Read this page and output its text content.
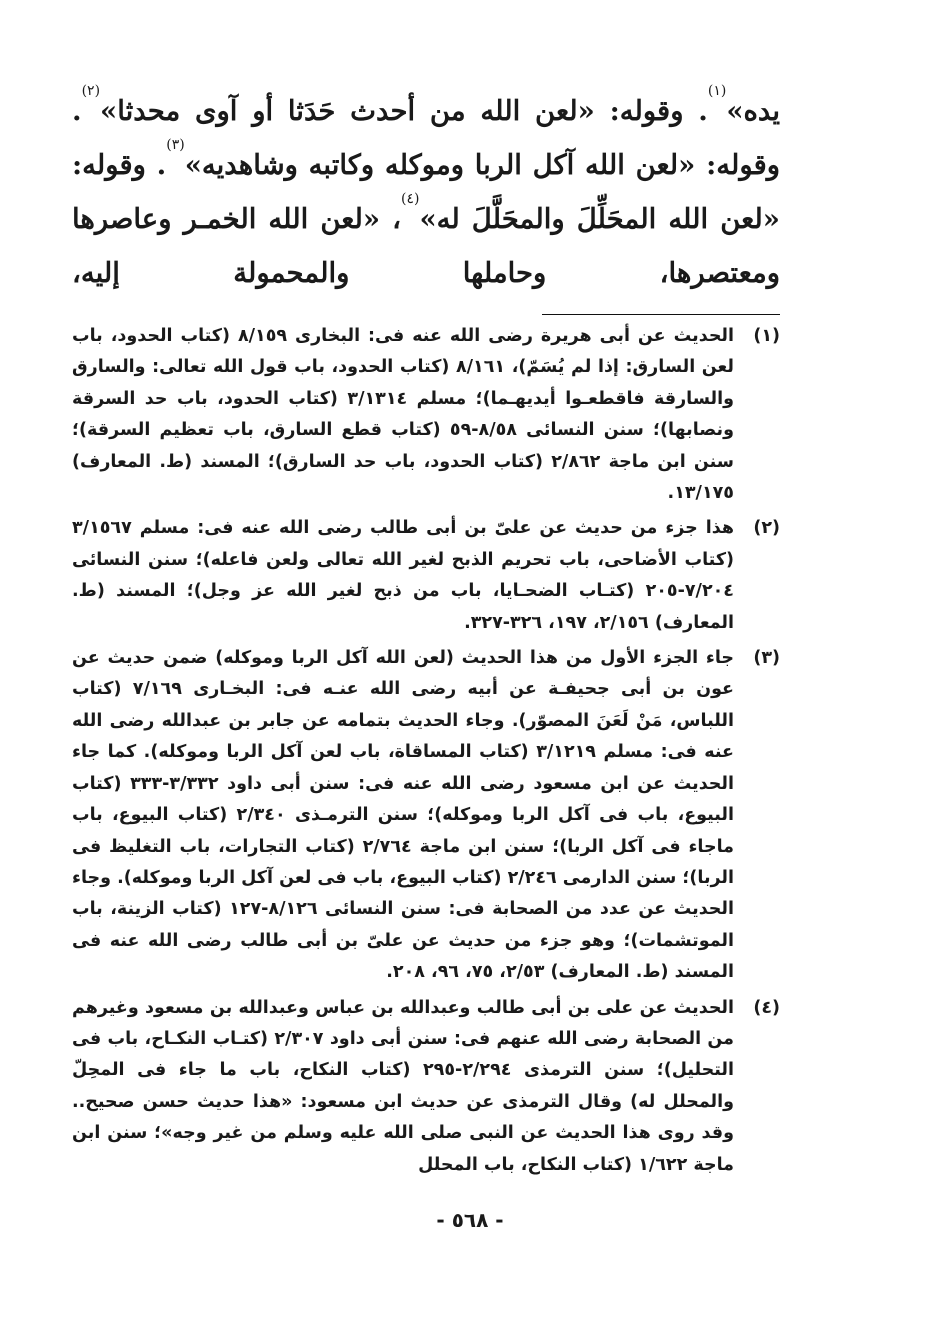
يده»$^{(١)}$. وقوله: «لعن الله من أحدث حَدَثا أو آوى محدثا»$^{(٢)}$. وقوله: «لعن الله آكل الربا وموكله وكاتبه وشاهديه»$^{(٣)}$. وقوله: «لعن الله المحَلِّلَ والمحَلَّلَ له»$^{(٤)}$، «لعن الله الخمـر وعاصرها ومعتصرها، وحاملها والمحمولة إليه،

(١)
الحديث عن أبى هريرة رضى الله عنه فى: البخارى ٨/١٥٩ (كتاب الحدود، باب لعن السارق: إذا لم يُسَمّ)، ٨/١٦١ (كتاب الحدود، باب قول الله تعالى: والسارق والسارقة فاقطعـوا أيديهـما)؛ مسلم ٣/١٣١٤ (كتاب الحدود، باب حد السرقة ونصابها)؛ سنن النسائى ٨/٥٨-٥٩ (كتاب قطع السارق، باب تعظيم السرقة)؛ سنن ابن ماجة ٢/٨٦٢ (كتاب الحدود، باب حد السارق)؛ المسند (ط. المعارف) ١٣/١٧٥.
(٢)
هذا جزء من حديث عن علىّ بن أبى طالب رضى الله عنه فى: مسلم ٣/١٥٦٧ (كتاب الأضاحى، باب تحريم الذبح لغير الله تعالى ولعن فاعله)؛ سنن النسائى ٧/٢٠٤-٢٠٥ (كتـاب الضحـايا، باب من ذبح لغير الله عز وجل)؛ المسند (ط. المعارف) ٢/١٥٦، ١٩٧، ٣٢٦-٣٢٧.
(٣)
جاء الجزء الأول من هذا الحديث (لعن الله آكل الربا وموكله) ضمن حديث عن عون بن أبى جحيفـة عن أبيه رضى الله عنـه فى: البخـارى ٧/١٦٩ (كتاب اللباس، مَنْ لَعَنَ المصوّر). وجاء الحديث بتمامه عن جابر بن عبدالله رضى الله عنه فى: مسلم ٣/١٢١٩ (كتاب المساقاة، باب لعن آكل الربا وموكله). كما جاء الحديث عن ابن مسعود رضى الله عنه فى: سنن أبى داود ٣/٣٣٢-٣٣٣ (كتاب البيوع، باب فى آكل الربا وموكله)؛ سنن الترمـذى ٢/٣٤٠ (كتاب البيوع، باب ماجاء فى آكل الربا)؛ سنن ابن ماجة ٢/٧٦٤ (كتاب التجارات، باب التغليظ فى الربا)؛ سنن الدارمى ٢/٢٤٦ (كتاب البيوع، باب فى لعن آكل الربا وموكله). وجاء الحديث عن عدد من الصحابة فى: سنن النسائى ٨/١٢٦-١٢٧ (كتاب الزينة، باب الموتشمات)؛ وهو جزء من حديث عن علىّ بن أبى طالب رضى الله عنه فى المسند (ط. المعارف) ٢/٥٣، ٧٥، ٩٦، ٢٠٨.
(٤)
الحديث عن على بن أبى طالب وعبدالله بن عباس وعبدالله بن مسعود وغيرهم من الصحابة رضى الله عنهم فى: سنن أبى داود ٢/٣٠٧ (كتـاب النكـاح، باب فى التحليل)؛ سنن الترمذى ٢/٢٩٤-٢٩٥ (كتاب النكاح، باب ما جاء فى المحِلّ والمحلل له) وقال الترمذى عن حديث ابن مسعود: «هذا حديث حسن صحيح.. وقد روى هذا الحديث عن النبى صلى الله عليه وسلم من غير وجه»؛ سنن ابن ماجة ١/٦٢٢ (كتاب النكاح، باب المحلل
- ٥٦٨ -
